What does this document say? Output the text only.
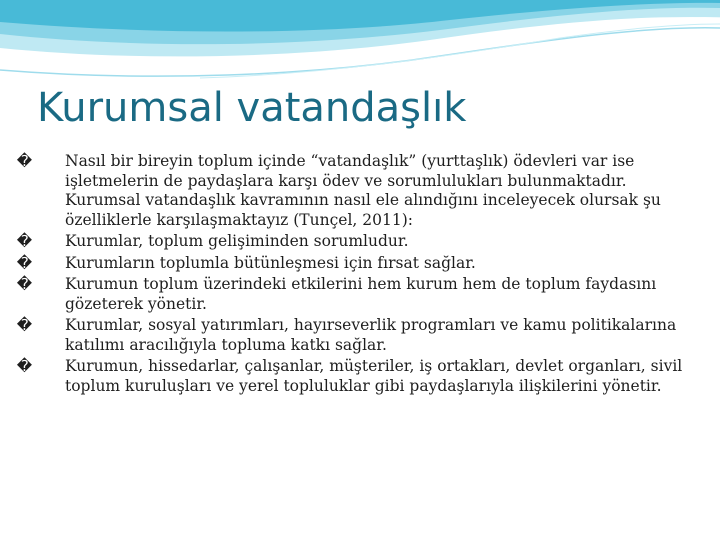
Kurumsal vatandaşlık
� Nasıl bir bireyin toplum içinde “vatandaşlık” (yurttaşlık) ödevleri var ise işletmelerin de paydaşlara karşı ödev ve sorumlulukları bulunmaktadır. Kurumsal vatandaşlık kavramının nasıl ele alındığını inceleyecek olursak şu özelliklerle karşılaşmaktayız (Tunçel, 2011):
� Kurumlar, toplum gelişiminden sorumludur.
� Kurumların toplumla bütünleşmesi için fırsat sağlar.
� Kurumun toplum üzerindeki etkilerini hem kurum hem de toplum faydasını gözeterek yönetir.
� Kurumlar, sosyal yatırımları, hayırseverlik programları ve kamu politikalarına katılımı aracılığıyla topluma katkı sağlar.
� Kurumun, hissedarlar, çalışanlar, müşteriler, iş ortakları, devlet organları, sivil toplum kuruluşları ve yerel topluluklar gibi paydaşlarıyla ilişkilerini yönetir.
